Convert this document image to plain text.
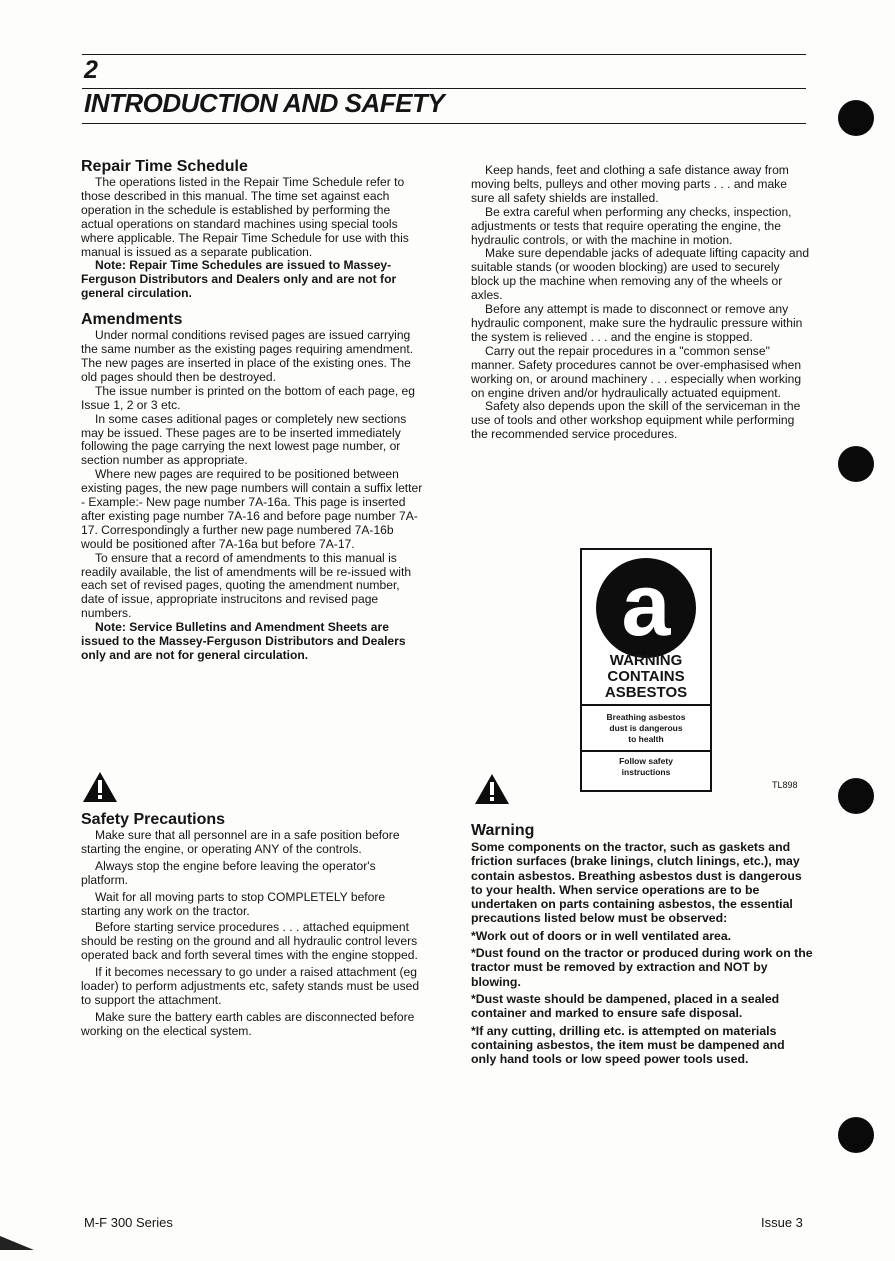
2
INTRODUCTION AND SAFETY
Repair Time Schedule

The operations listed in the Repair Time Schedule refer to those described in this manual. The time set against each operation in the schedule is established by performing the actual operations on standard machines using special tools where applicable. The Repair Time Schedule for use with this manual is issued as a separate publication.

Note: Repair Time Schedules are issued to Massey-Ferguson Distributors and Dealers only and are not for general circulation.

Amendments

Under normal conditions revised pages are issued carrying the same number as the existing pages requiring amendment. The new pages are inserted in place of the existing ones. The old pages should then be destroyed.

The issue number is printed on the bottom of each page, eg Issue 1, 2 or 3 etc.

In some cases aditional pages or completely new sections may be issued. These pages are to be inserted immediately following the page carrying the next lowest page number, or section number as appropriate.

Where new pages are required to be positioned between existing pages, the new page numbers will contain a suffix letter - Example:- New page number 7A-16a. This page is inserted after existing page number 7A-16 and before page number 7A-17. Correspondingly a further new page numbered 7A-16b would be positioned after 7A-16a but before 7A-17.

To ensure that a record of amendments to this manual is readily available, the list of amendments will be re-issued with each set of revised pages, quoting the amendment number, date of issue, appropriate instrucitons and revised page numbers.

Note: Service Bulletins and Amendment Sheets are issued to the Massey-Ferguson Distributors and Dealers only and are not for general circulation.

Safety Precautions

Make sure that all personnel are in a safe position before starting the engine, or operating ANY of the controls.

Always stop the engine before leaving the operator's platform.

Wait for all moving parts to stop COMPLETELY before starting any work on the tractor.

Before starting service procedures . . . attached equipment should be resting on the ground and all hydraulic control levers operated back and forth several times with the engine stopped.

If it becomes necessary to go under a raised attachment (eg loader) to perform adjustments etc, safety stands must be used to support the attachment.

Make sure the battery earth cables are disconnected before working on the electical system.

Keep hands, feet and clothing a safe distance away from moving belts, pulleys and other moving parts . . . and make sure all safety shields are installed.

Be extra careful when performing any checks, inspection, adjustments or tests that require operating the engine, the hydraulic controls, or with the machine in motion.

Make sure dependable jacks of adequate lifting capacity and suitable stands (or wooden blocking) are used to securely block up the machine when removing any of the wheels or axles.

Before any attempt is made to disconnect or remove any hydraulic component, make sure the hydraulic pressure within the system is relieved . . . and the engine is stopped.

Carry out the repair procedures in a "common sense" manner. Safety procedures cannot be over-emphasised when working on, or around machinery . . . especially when working on engine driven and/or hydraulically actuated equipment.

Safety also depends upon the skill of the serviceman in the use of tools and other workshop equipment while performing the recommended service procedures.

a
WARNING
CONTAINS
ASBESTOS
Breathing asbestos
dust is dangerous
to health
Follow safety
instructions
TL898
Warning

Some components on the tractor, such as gaskets and friction surfaces (brake linings, clutch linings, etc.), may contain asbestos. Breathing asbestos dust is dangerous to your health. When service operations are to be undertaken on parts containing asbestos, the essential precautions listed below must be observed:

*Work out of doors or in well ventilated area.

*Dust found on the tractor or produced during work on the tractor must be removed by extraction and NOT by blowing.

*Dust waste should be dampened, placed in a sealed container and marked to ensure safe disposal.

*If any cutting, drilling etc. is attempted on materials containing asbestos, the item must be dampened and only hand tools or low speed power tools used.

M-F 300 Series	Issue 3
